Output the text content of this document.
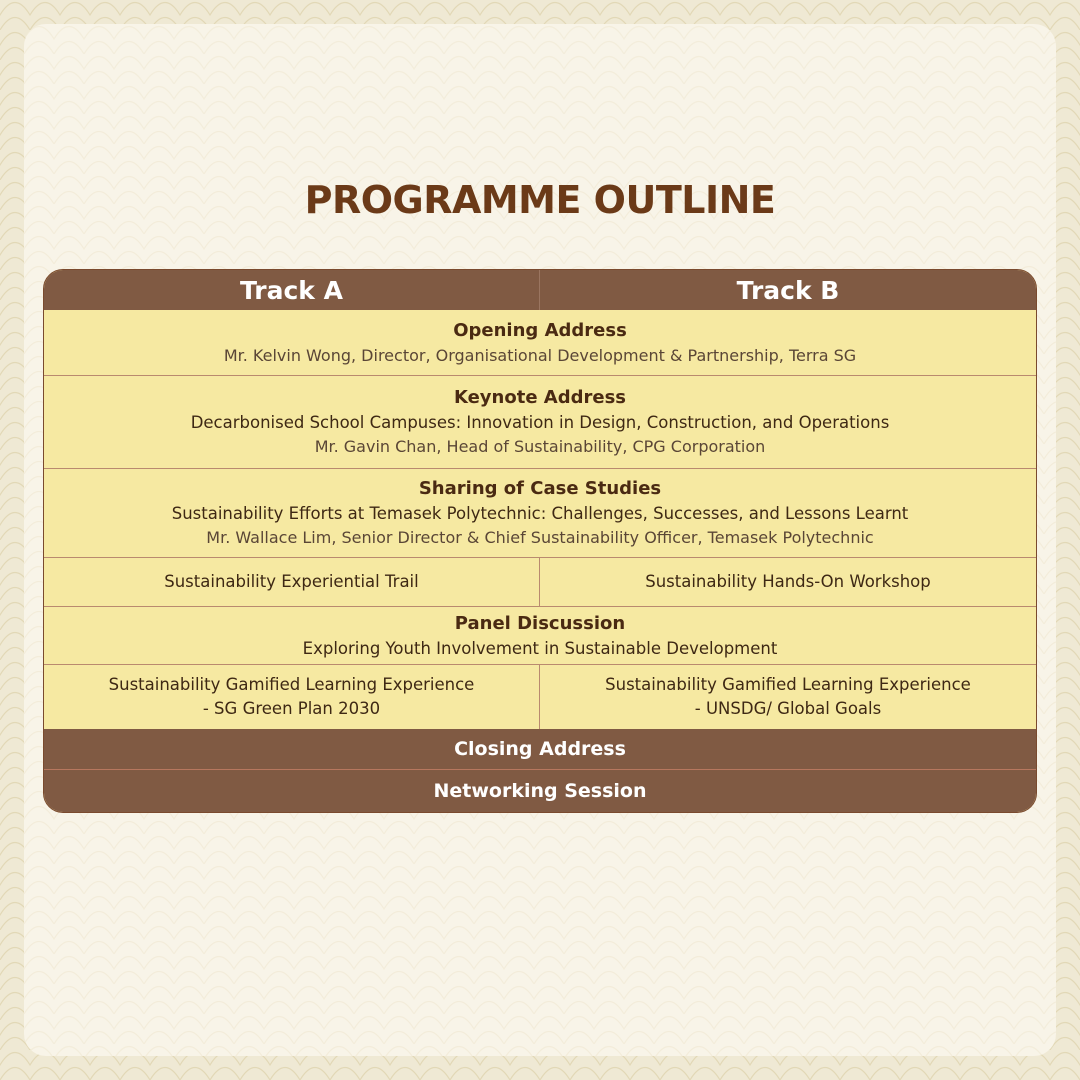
PROGRAMME OUTLINE
Track A	Track B
Opening Address
Mr. Kelvin Wong, Director, Organisational Development & Partnership, Terra SG
Keynote Address
Decarbonised School Campuses: Innovation in Design, Construction, and Operations
Mr. Gavin Chan, Head of Sustainability, CPG Corporation
Sharing of Case Studies
Sustainability Efforts at Temasek Polytechnic: Challenges, Successes, and Lessons Learnt
Mr. Wallace Lim, Senior Director & Chief Sustainability Officer, Temasek Polytechnic
Sustainability Experiential Trail	Sustainability Hands-On Workshop
Panel Discussion
Exploring Youth Involvement in Sustainable Development
Sustainability Gamified Learning Experience
- SG Green Plan 2030
Sustainability Gamified Learning Experience
- UNSDG/ Global Goals
Closing Address
Networking Session
